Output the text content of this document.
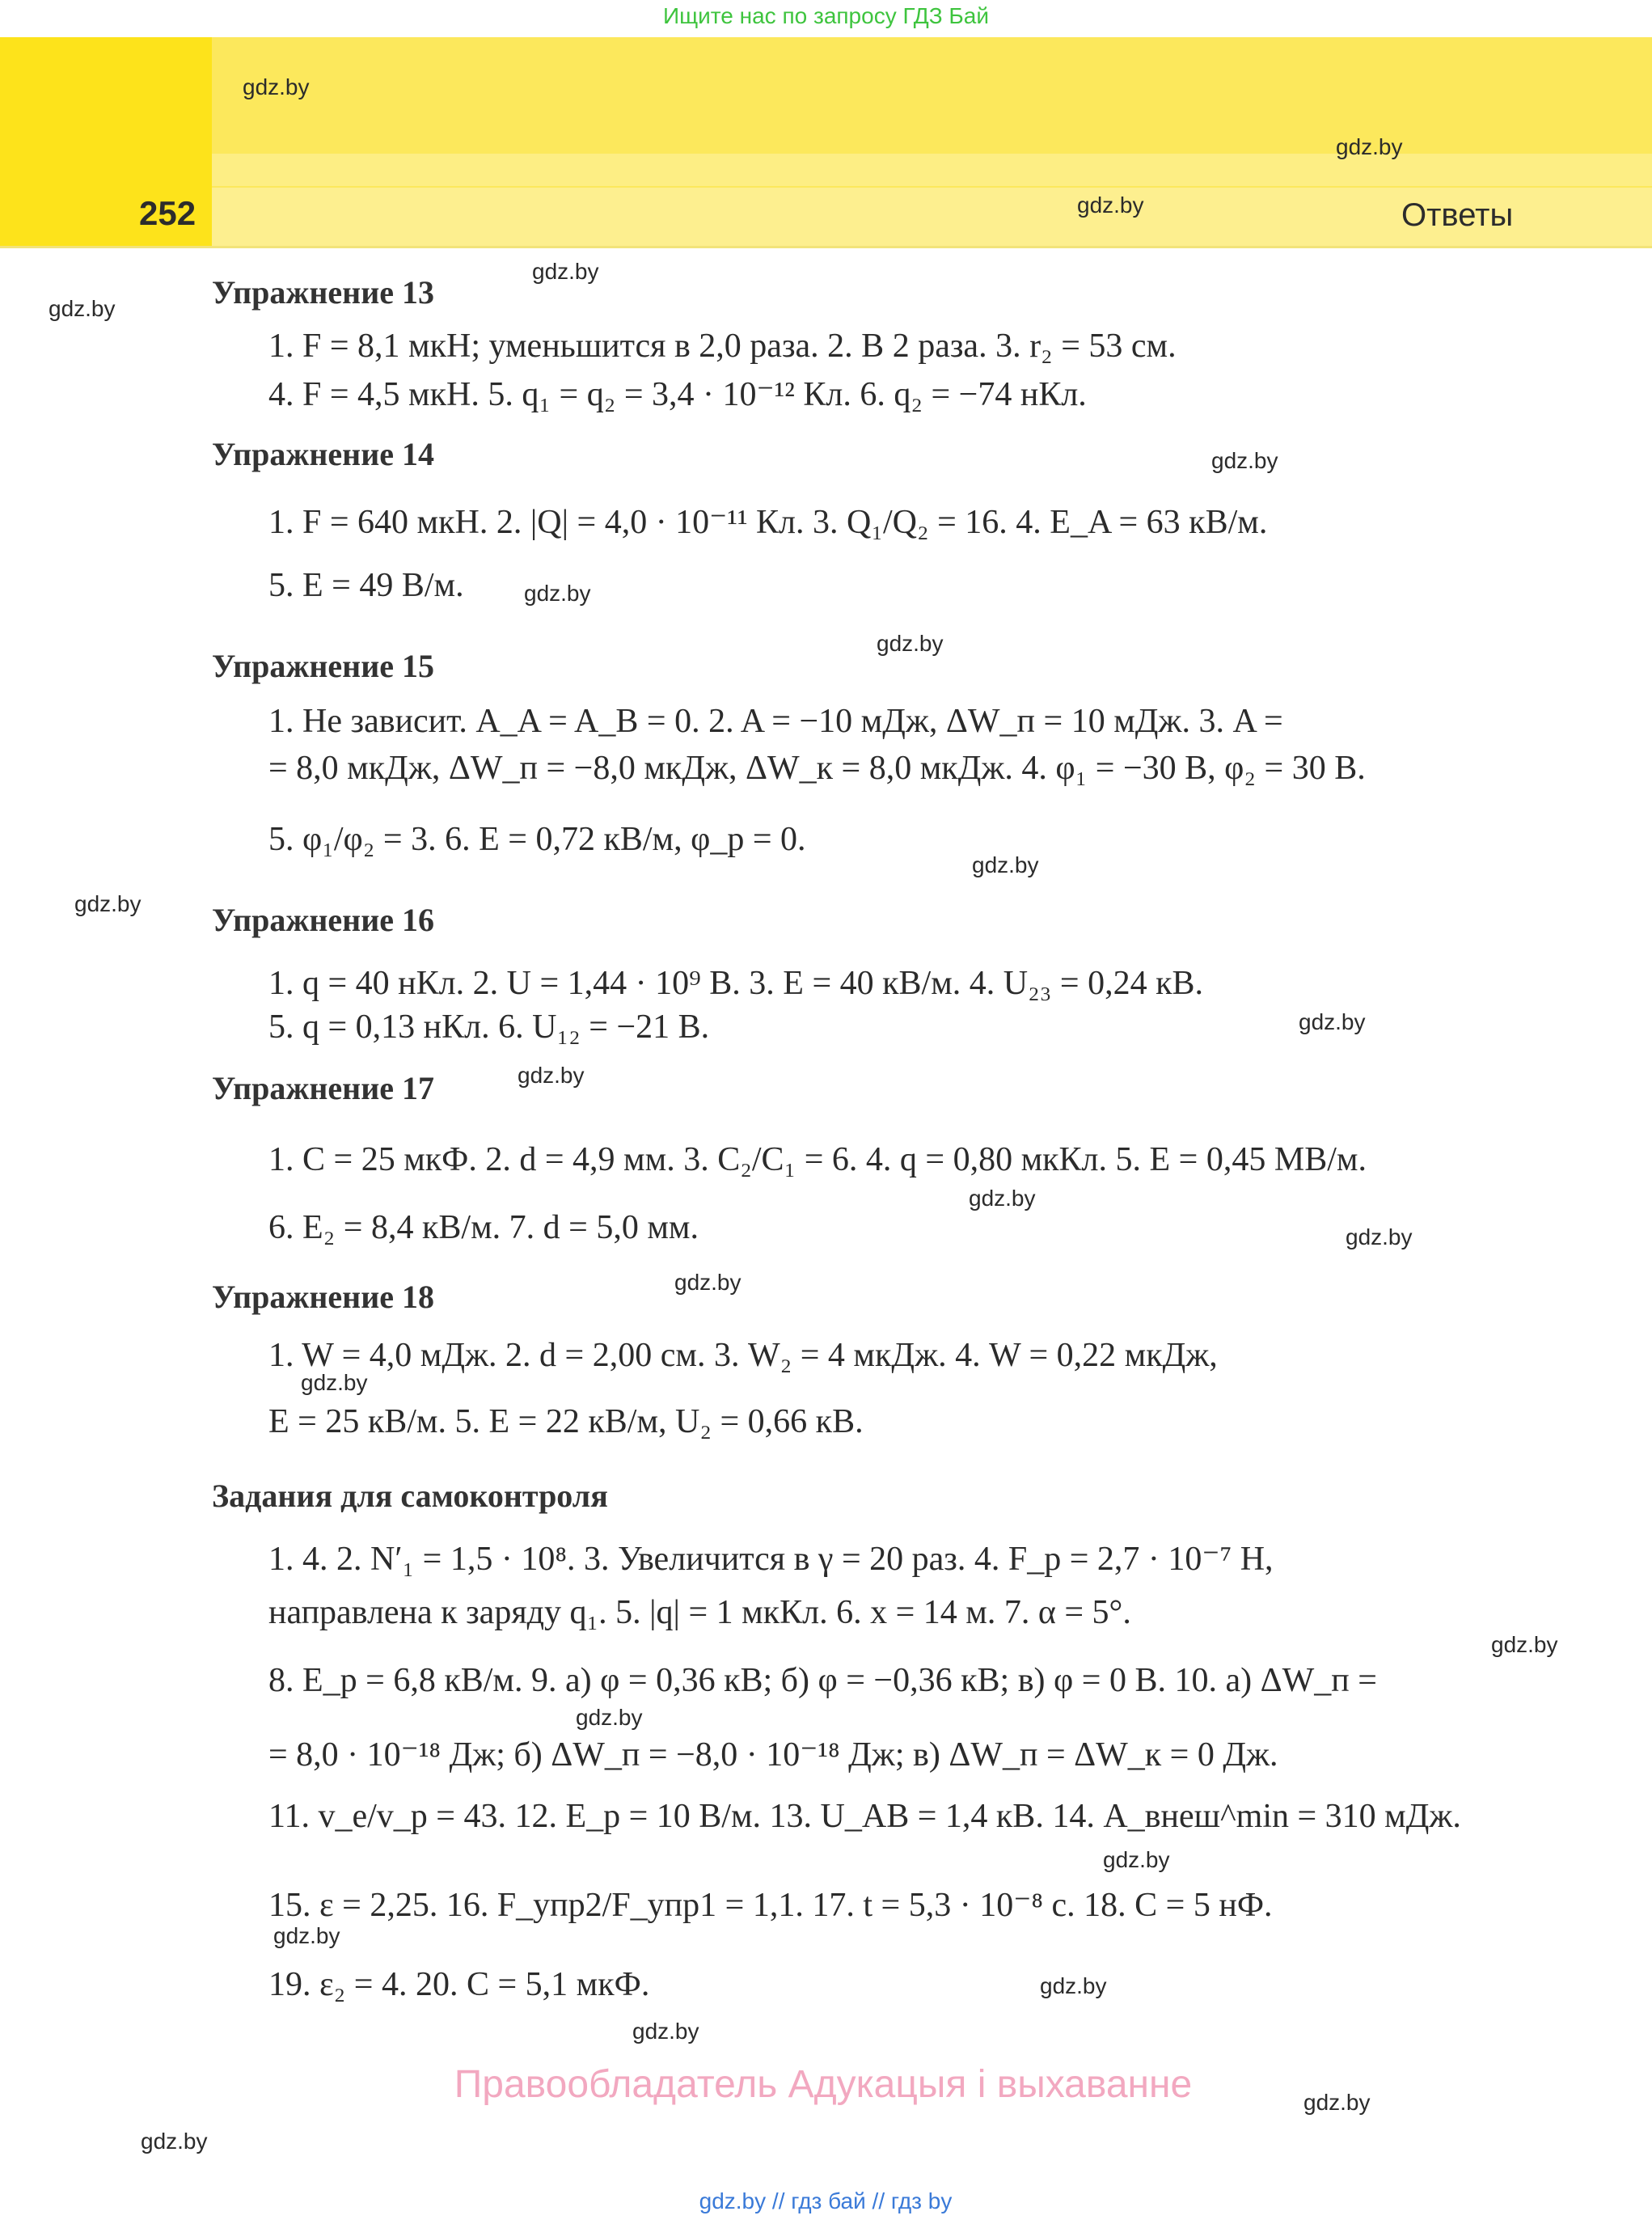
Ищите нас по запросу ГДЗ Бай
252	Ответы
gdz.by
gdz.by
gdz.by
gdz.by
gdz.by
gdz.by
gdz.by
gdz.by
gdz.by
gdz.by
gdz.by
gdz.by
gdz.by
gdz.by
gdz.by
gdz.by
gdz.by
gdz.by
gdz.by
gdz.by
gdz.by
gdz.by
gdz.by
gdz.by
Упражнение 13
1. F = 8,1 мкН; уменьшится в 2,0 раза. 2. В 2 раза. 3. r₂ = 53 см.
4. F = 4,5 мкН. 5. q₁ = q₂ = 3,4 · 10⁻¹² Кл. 6. q₂ = −74 нКл.
Упражнение 14
1. F = 640 мкН. 2. |Q| = 4,0 · 10⁻¹¹ Кл. 3. Q₁/Q₂ = 16. 4. E_A = 63 кВ/м.
5. E = 49 В/м.
Упражнение 15
1. Не зависит. A_A = A_B = 0. 2. A = −10 мДж, ΔW_п = 10 мДж. 3. A =
= 8,0 мкДж, ΔW_п = −8,0 мкДж, ΔW_к = 8,0 мкДж. 4. φ₁ = −30 В, φ₂ = 30 В.
5. φ₁/φ₂ = 3. 6. E = 0,72 кВ/м, φ_р = 0.
Упражнение 16
1. q = 40 нКл. 2. U = 1,44 · 10⁹ В. 3. E = 40 кВ/м. 4. U₂₃ = 0,24 кВ.
5. q = 0,13 нКл. 6. U₁₂ = −21 В.
Упражнение 17
1. C = 25 мкФ. 2. d = 4,9 мм. 3. C₂/C₁ = 6. 4. q = 0,80 мкКл. 5. E = 0,45 МВ/м.
6. E₂ = 8,4 кВ/м. 7. d = 5,0 мм.
Упражнение 18
1. W = 4,0 мДж. 2. d = 2,00 см. 3. W₂ = 4 мкДж. 4. W = 0,22 мкДж,
E = 25 кВ/м. 5. E = 22 кВ/м, U₂ = 0,66 кВ.
Задания для самоконтроля
1. 4. 2. N′₁ = 1,5 · 10⁸. 3. Увеличится в γ = 20 раз. 4. F_р = 2,7 · 10⁻⁷ Н,
направлена к заряду q₁. 5. |q| = 1 мкКл. 6. x = 14 м. 7. α = 5°.
8. E_р = 6,8 кВ/м. 9. а) φ = 0,36 кВ; б) φ = −0,36 кВ; в) φ = 0 В. 10. а) ΔW_п =
= 8,0 · 10⁻¹⁸ Дж; б) ΔW_п = −8,0 · 10⁻¹⁸ Дж; в) ΔW_п = ΔW_к = 0 Дж.
11. v_e/v_p = 43. 12. E_р = 10 В/м. 13. U_AB = 1,4 кВ. 14. A_внеш^min = 310 мДж.
15. ε = 2,25. 16. F_упр2/F_упр1 = 1,1. 17. t = 5,3 · 10⁻⁸ с. 18. C = 5 нФ.
19. ε₂ = 4. 20. C = 5,1 мкФ.
Правообладатель Адукацыя і выхаванне
gdz.by // гдз бай // гдз by
